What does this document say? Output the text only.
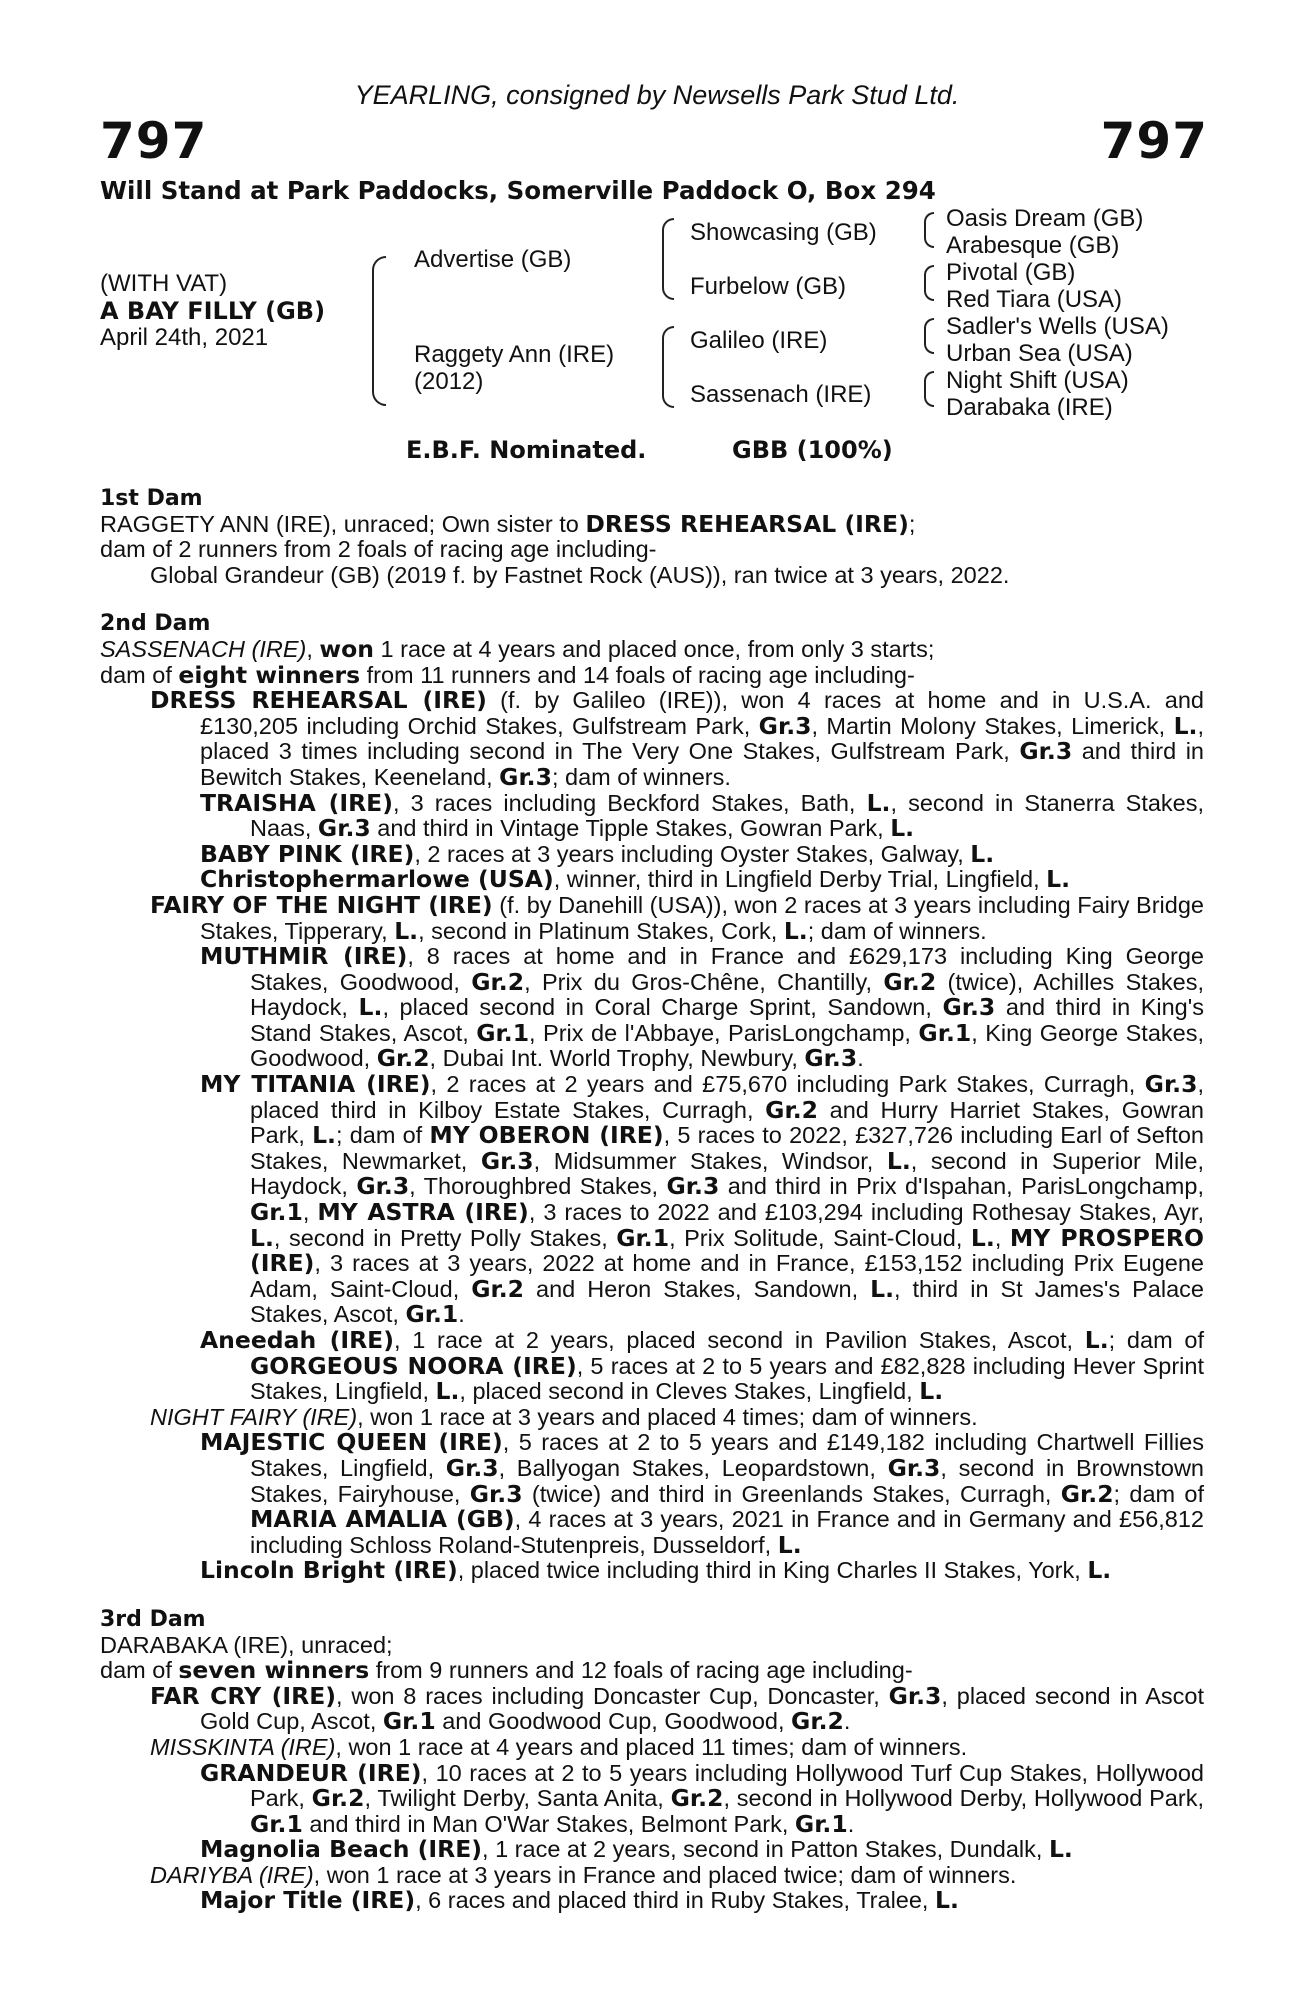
YEARLING, consigned by Newsells Park Stud Ltd.
797	797
Will Stand at Park Paddocks, Somerville Paddock O, Box 294
(WITH VAT)
A BAY FILLY (GB)
April 24th, 2021
Advertise (GB)
Raggety Ann (IRE)
(2012)
Showcasing (GB)
Furbelow (GB)
Galileo (IRE)
Sassenach (IRE)
Oasis Dream (GB)
Arabesque (GB)
Pivotal (GB)
Red Tiara (USA)
Sadler's Wells (USA)
Urban Sea (USA)
Night Shift (USA)
Darabaka (IRE)
E.B.F. Nominated.	GBB (100%)
1st Dam
RAGGETY ANN (IRE), unraced; Own sister to DRESS REHEARSAL (IRE);
dam of 2 runners from 2 foals of racing age including-
Global Grandeur (GB) (2019 f. by Fastnet Rock (AUS)), ran twice at 3 years, 2022.
2nd Dam
SASSENACH (IRE), won 1 race at 4 years and placed once, from only 3 starts;
dam of eight winners from 11 runners and 14 foals of racing age including-
DRESS REHEARSAL (IRE) (f. by Galileo (IRE)), won 4 races at home and in U.S.A. and £130,205 including Orchid Stakes, Gulfstream Park, Gr.3, Martin Molony Stakes, Limerick, L., placed 3 times including second in The Very One Stakes, Gulfstream Park, Gr.3 and third in Bewitch Stakes, Keeneland, Gr.3; dam of winners.
TRAISHA (IRE), 3 races including Beckford Stakes, Bath, L., second in Stanerra Stakes, Naas, Gr.3 and third in Vintage Tipple Stakes, Gowran Park, L.
BABY PINK (IRE), 2 races at 3 years including Oyster Stakes, Galway, L.
Christophermarlowe (USA), winner, third in Lingfield Derby Trial, Lingfield, L.
FAIRY OF THE NIGHT (IRE) (f. by Danehill (USA)), won 2 races at 3 years including Fairy Bridge Stakes, Tipperary, L., second in Platinum Stakes, Cork, L.; dam of winners.
MUTHMIR (IRE), 8 races at home and in France and £629,173 including King George Stakes, Goodwood, Gr.2, Prix du Gros-Chêne, Chantilly, Gr.2 (twice), Achilles Stakes, Haydock, L., placed second in Coral Charge Sprint, Sandown, Gr.3 and third in King's Stand Stakes, Ascot, Gr.1, Prix de l'Abbaye, ParisLongchamp, Gr.1, King George Stakes, Goodwood, Gr.2, Dubai Int. World Trophy, Newbury, Gr.3.
MY TITANIA (IRE), 2 races at 2 years and £75,670 including Park Stakes, Curragh, Gr.3, placed third in Kilboy Estate Stakes, Curragh, Gr.2 and Hurry Harriet Stakes, Gowran Park, L.; dam of MY OBERON (IRE), 5 races to 2022, £327,726 including Earl of Sefton Stakes, Newmarket, Gr.3, Midsummer Stakes, Windsor, L., second in Superior Mile, Haydock, Gr.3, Thoroughbred Stakes, Gr.3 and third in Prix d'Ispahan, ParisLongchamp, Gr.1, MY ASTRA (IRE), 3 races to 2022 and £103,294 including Rothesay Stakes, Ayr, L., second in Pretty Polly Stakes, Gr.1, Prix Solitude, Saint-Cloud, L., MY PROSPERO (IRE), 3 races at 3 years, 2022 at home and in France, £153,152 including Prix Eugene Adam, Saint-Cloud, Gr.2 and Heron Stakes, Sandown, L., third in St James's Palace Stakes, Ascot, Gr.1.
Aneedah (IRE), 1 race at 2 years, placed second in Pavilion Stakes, Ascot, L.; dam of GORGEOUS NOORA (IRE), 5 races at 2 to 5 years and £82,828 including Hever Sprint Stakes, Lingfield, L., placed second in Cleves Stakes, Lingfield, L.
NIGHT FAIRY (IRE), won 1 race at 3 years and placed 4 times; dam of winners.
MAJESTIC QUEEN (IRE), 5 races at 2 to 5 years and £149,182 including Chartwell Fillies Stakes, Lingfield, Gr.3, Ballyogan Stakes, Leopardstown, Gr.3, second in Brownstown Stakes, Fairyhouse, Gr.3 (twice) and third in Greenlands Stakes, Curragh, Gr.2; dam of MARIA AMALIA (GB), 4 races at 3 years, 2021 in France and in Germany and £56,812 including Schloss Roland-Stutenpreis, Dusseldorf, L.
Lincoln Bright (IRE), placed twice including third in King Charles II Stakes, York, L.
3rd Dam
DARABAKA (IRE), unraced;
dam of seven winners from 9 runners and 12 foals of racing age including-
FAR CRY (IRE), won 8 races including Doncaster Cup, Doncaster, Gr.3, placed second in Ascot Gold Cup, Ascot, Gr.1 and Goodwood Cup, Goodwood, Gr.2.
MISSKINTA (IRE), won 1 race at 4 years and placed 11 times; dam of winners.
GRANDEUR (IRE), 10 races at 2 to 5 years including Hollywood Turf Cup Stakes, Hollywood Park, Gr.2, Twilight Derby, Santa Anita, Gr.2, second in Hollywood Derby, Hollywood Park, Gr.1 and third in Man O'War Stakes, Belmont Park, Gr.1.
Magnolia Beach (IRE), 1 race at 2 years, second in Patton Stakes, Dundalk, L.
DARIYBA (IRE), won 1 race at 3 years in France and placed twice; dam of winners.
Major Title (IRE), 6 races and placed third in Ruby Stakes, Tralee, L.
